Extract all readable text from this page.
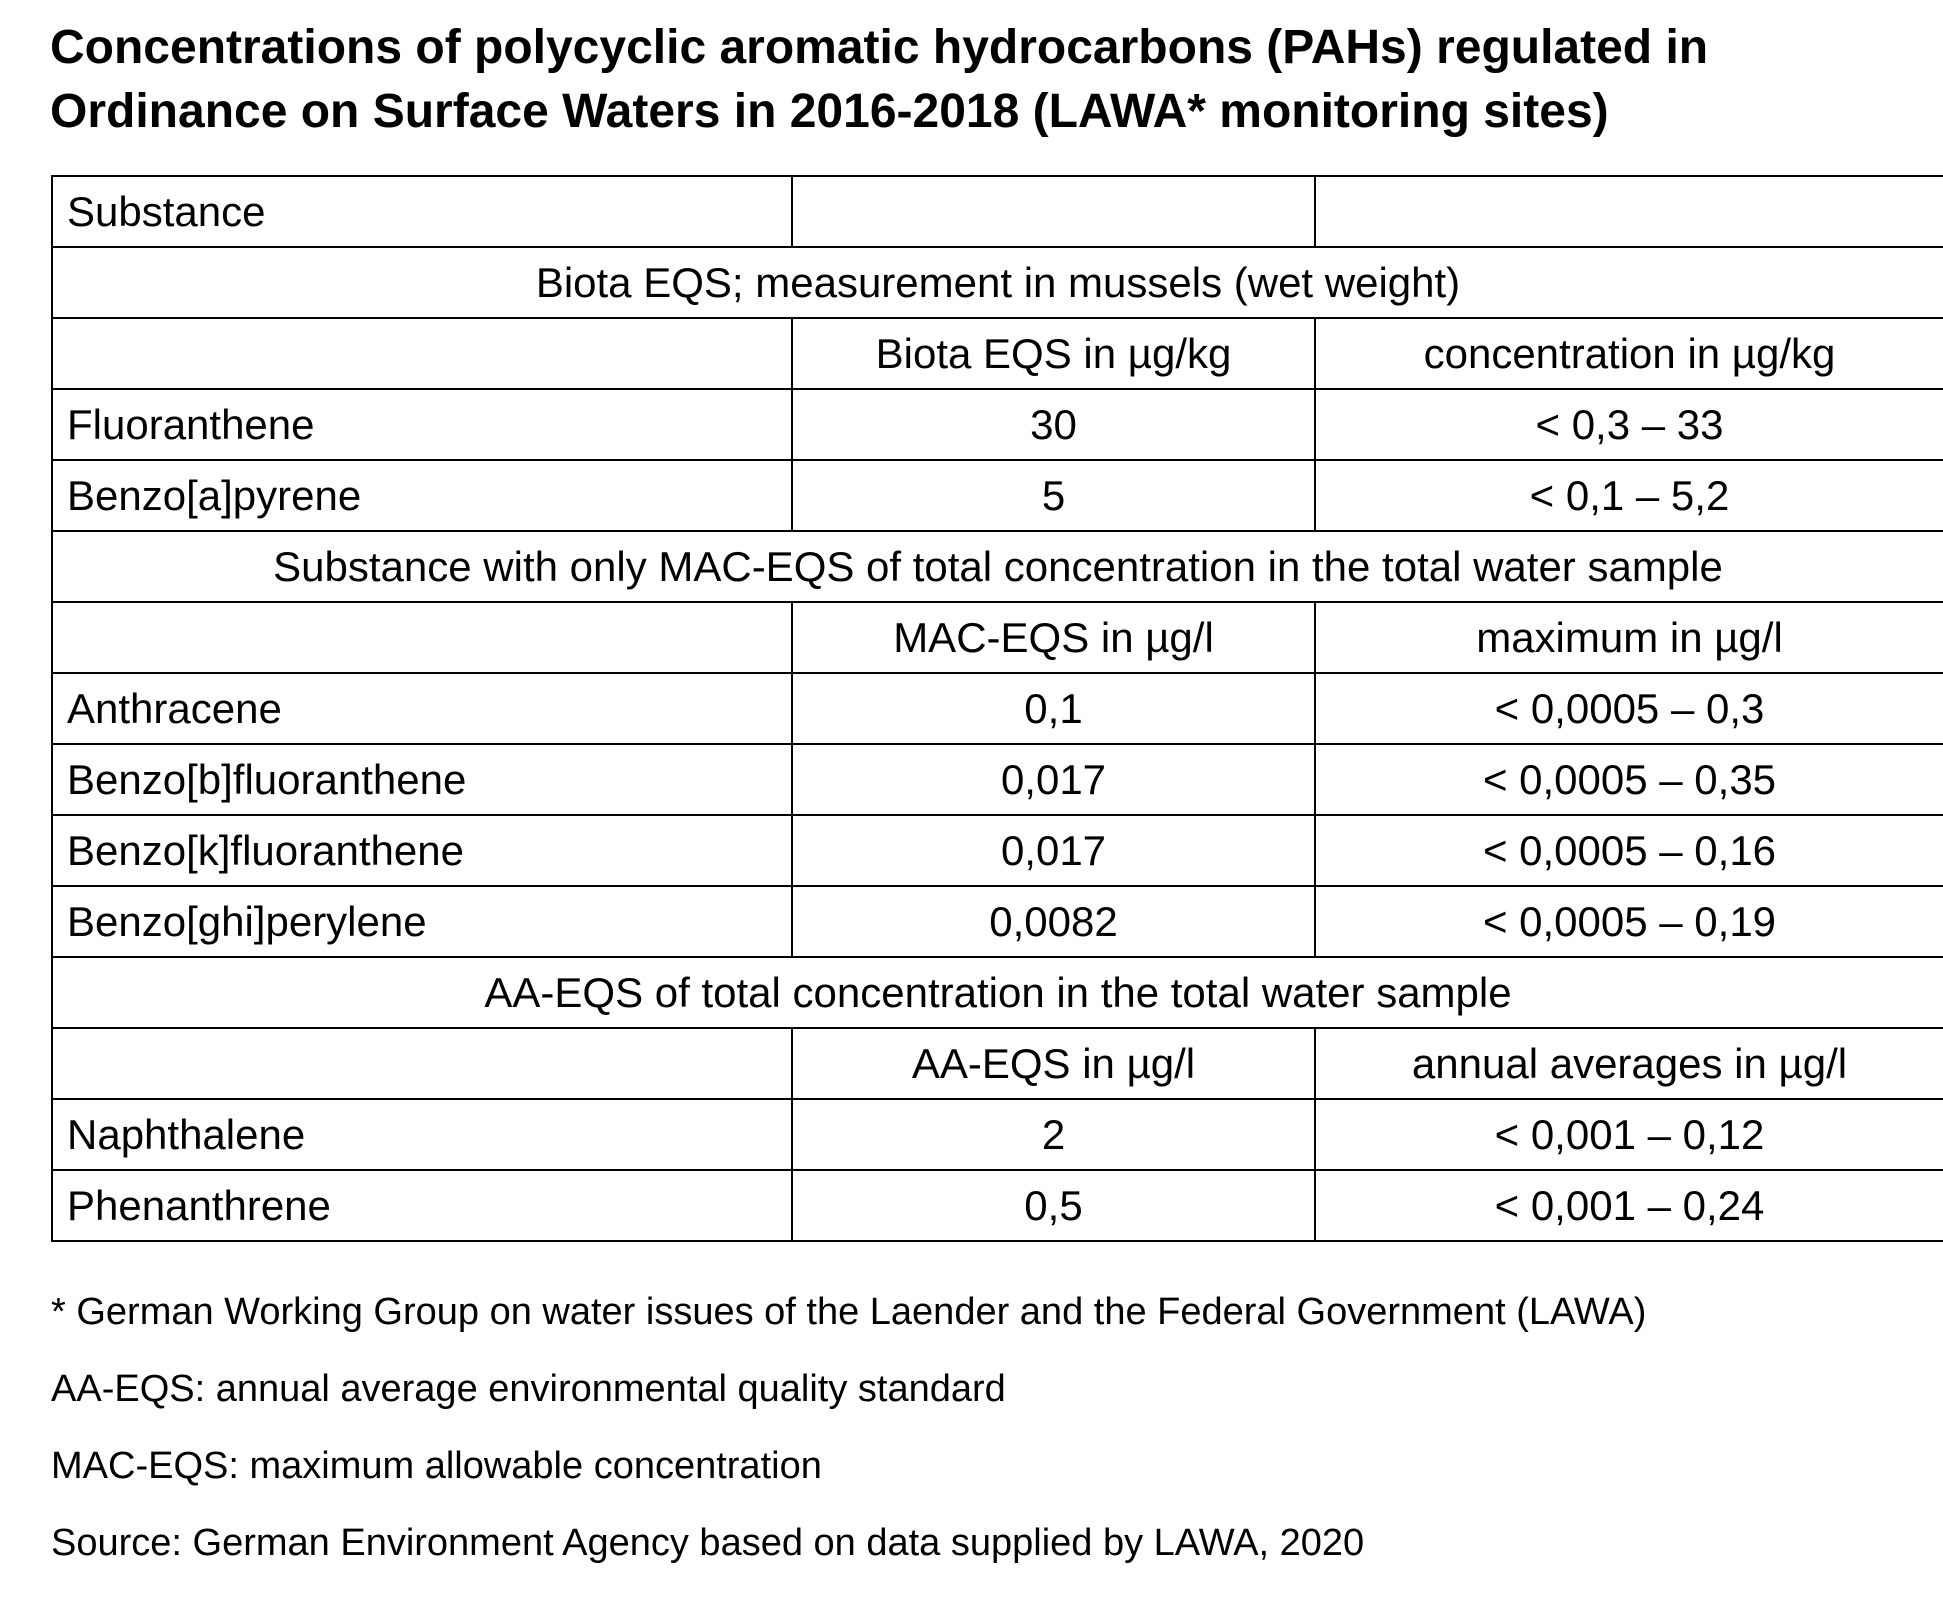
Concentrations of polycyclic aromatic hydrocarbons (PAHs) regulated in Ordinance on Surface Waters in 2016-2018 (LAWA* monitoring sites)
Substance		
Biota EQS; measurement in mussels (wet weight)		
	Biota EQS in µg/kg	concentration in µg/kg
Fluoranthene	30	< 0,3 – 33
Benzo[a]pyrene	5	< 0,1 – 5,2
Substance with only MAC-EQS of total concentration in the total water sample		
	MAC-EQS in µg/l	maximum in µg/l
Anthracene	0,1	< 0,0005 – 0,3
Benzo[b]fluoranthene	0,017	< 0,0005 – 0,35
Benzo[k]fluoranthene	0,017	< 0,0005 – 0,16
Benzo[ghi]perylene	0,0082	< 0,0005 – 0,19
AA-EQS of total concentration in the total water sample		
	AA-EQS in µg/l	annual averages in µg/l
Naphthalene	2	< 0,001 – 0,12
Phenanthrene	0,5	< 0,001 – 0,24

* German Working Group on water issues of the Laender and the Federal Government (LAWA)

AA-EQS: annual average environmental quality standard

MAC-EQS: maximum allowable concentration

Source: German Environment Agency based on data supplied by LAWA, 2020
